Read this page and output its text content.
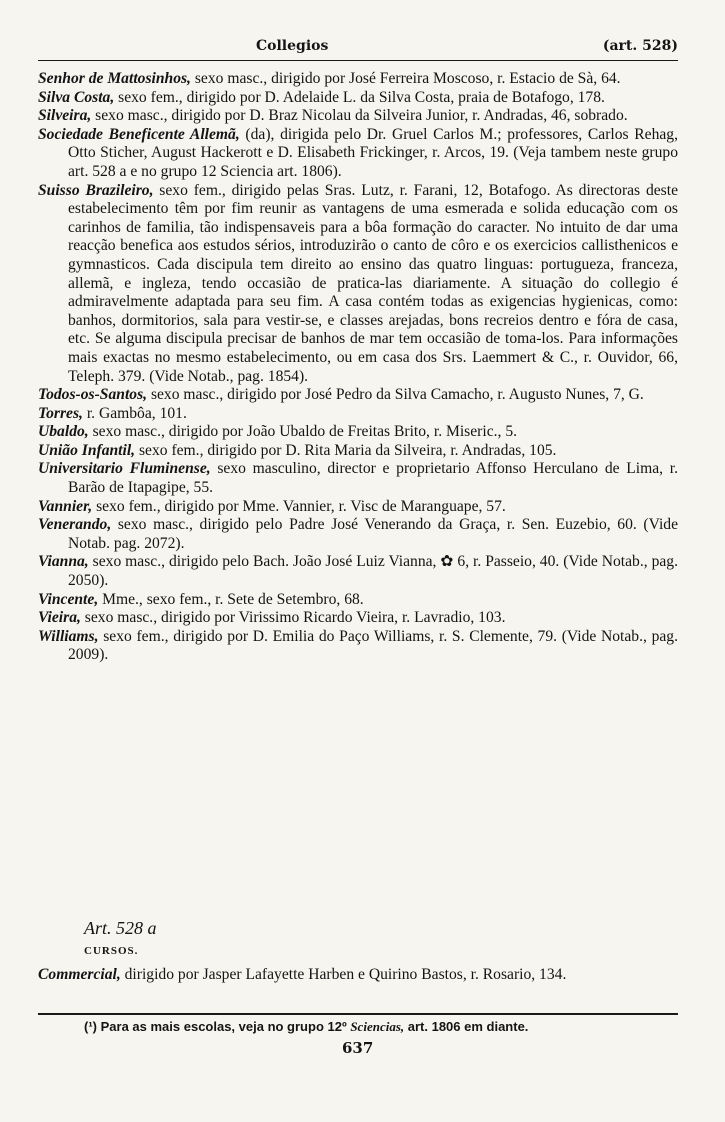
Collegios	(art. 528)

Senhor de Mattosinhos, sexo masc., dirigido por José Ferreira Moscoso, r. Estacio de Sà, 64.

Silva Costa, sexo fem., dirigido por D. Adelaide L. da Silva Costa, praia de Botafogo, 178.

Silveira, sexo masc., dirigido por D. Braz Nicolau da Silveira Junior, r. Andradas, 46, sobrado.

Sociedade Beneficente Allemã, (da), dirigida pelo Dr. Gruel Carlos M.; professores, Carlos Rehag, Otto Sticher, August Hackerott e D. Elisabeth Frickinger, r. Arcos, 19. (Veja tambem neste grupo art. 528 a e no grupo 12 Sciencia art. 1806).

Suisso Brazileiro, sexo fem., dirigido pelas Sras. Lutz, r. Farani, 12, Botafogo. As directoras deste estabelecimento têm por fim reunir as vantagens de uma esmerada e solida educação com os carinhos de familia, tão indispensaveis para a bôa formação do caracter. No intuito de dar uma reacção benefica aos estudos sérios, introduzirão o canto de côro e os exercicios callisthenicos e gymnasticos. Cada discipula tem direito ao ensino das quatro linguas: portugueza, franceza, allemã, e ingleza, tendo occasião de pratica-las diariamente. A situação do collegio é admiravelmente adaptada para seu fim. A casa contém todas as exigencias hygienicas, como: banhos, dormitorios, sala para vestir-se, e classes arejadas, bons recreios dentro e fóra de casa, etc. Se alguma discipula precisar de banhos de mar tem occasião de toma-los. Para informações mais exactas no mesmo estabelecimento, ou em casa dos Srs. Laemmert & C., r. Ouvidor, 66, Teleph. 379. (Vide Notab., pag. 1854).

Todos-os-Santos, sexo masc., dirigido por José Pedro da Silva Camacho, r. Augusto Nunes, 7, G.

Torres, r. Gambôa, 101.

Ubaldo, sexo masc., dirigido por João Ubaldo de Freitas Brito, r. Miseric., 5.

União Infantil, sexo fem., dirigido por D. Rita Maria da Silveira, r. Andradas, 105.

Universitario Fluminense, sexo masculino, director e proprietario Affonso Herculano de Lima, r. Barão de Itapagipe, 55.

Vannier, sexo fem., dirigido por Mme. Vannier, r. Visc de Maranguape, 57.

Venerando, sexo masc., dirigido pelo Padre José Venerando da Graça, r. Sen. Euzebio, 60. (Vide Notab. pag. 2072).

Vianna, sexo masc., dirigido pelo Bach. João José Luiz Vianna, ✿ 6, r. Passeio, 40. (Vide Notab., pag. 2050).

Vincente, Mme., sexo fem., r. Sete de Setembro, 68.

Vieira, sexo masc., dirigido por Virissimo Ricardo Vieira, r. Lavradio, 103.

Williams, sexo fem., dirigido por D. Emilia do Paço Williams, r. S. Clemente, 79. (Vide Notab., pag. 2009).

Art. 528 a
CURSOS.

Commercial, dirigido por Jasper Lafayette Harben e Quirino Bastos, r. Rosario, 134.

(¹) Para as mais escolas, veja no grupo 12º Sciencias, art. 1806 em diante.
637
